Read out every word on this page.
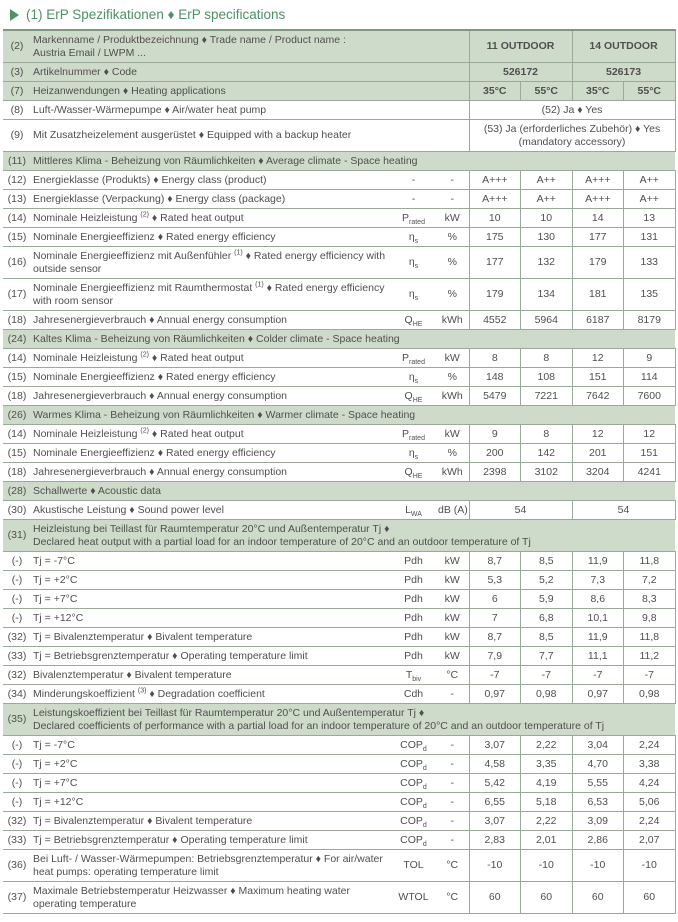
(1) ErP Spezifikationen ♦ ErP specifications
(2)	Markenname / Produktbezeichnung ♦ Trade name / Product name :
Austria Email / LWPM ...			11 OUTDOOR		14 OUTDOOR	
(3)	Artikelnummer ♦ Code			526172		526173	
(7)	Heizanwendungen ♦ Heating applications			35°C	55°C	35°C	55°C
(8)	Luft-/Wasser-Wärmepumpe ♦ Air/water heat pump			(52) Ja ♦ Yes			
(9)	Mit Zusatzheizelement ausgerüstet ♦ Equipped with a backup heater			(53) Ja (erforderliches Zubehör) ♦ Yes (mandatory accessory)			
(11)	Mittleres Klima - Beheizung von Räumlichkeiten ♦ Average climate - Space heating						

(12)	Energieklasse (Produkts) ♦ Energy class (product)	-	-	A+++	A++	A+++	A++
(13)	Energieklasse (Verpackung) ♦ Energy class (package)	-	-	A+++	A++	A+++	A++
(14)	Nominale Heizleistung $^{(2)}$ ♦ Rated heat output	$P_{rated}$	kW	10	10	14	13
(15)	Nominale Energieeffizienz ♦ Rated energy efficiency	$\eta_s$	%	175	130	177	131
(16)	Nominale Energieeffizienz mit Außenfühler $^{(1)}$ ♦ Rated energy efficiency with outside sensor	$\eta_s$	%	177	132	179	133
(17)	Nominale Energieeffizienz mit Raumthermostat $^{(1)}$ ♦ Rated energy efficiency with room sensor	$\eta_s$	%	179	134	181	135
(18)	Jahresenergieverbrauch ♦ Annual energy consumption	$Q_{HE}$	kWh	4552	5964	6187	8179
(24)	Kaltes Klima - Beheizung von Räumlichkeiten ♦ Colder climate - Space heating						

(14)	Nominale Heizleistung $^{(2)}$ ♦ Rated heat output	$P_{rated}$	kW	8	8	12	9
(15)	Nominale Energieeffizienz ♦ Rated energy efficiency	$\eta_s$	%	148	108	151	114
(18)	Jahresenergieverbrauch ♦ Annual energy consumption	$Q_{HE}$	kWh	5479	7221	7642	7600
(26)	Warmes Klima - Beheizung von Räumlichkeiten ♦ Warmer climate - Space heating						

(14)	Nominale Heizleistung $^{(2)}$ ♦ Rated heat output	$P_{rated}$	kW	9	8	12	12
(15)	Nominale Energieeffizienz ♦ Rated energy efficiency	$\eta_s$	%	200	142	201	151
(18)	Jahresenergieverbrauch ♦ Annual energy consumption	$Q_{HE}$	kWh	2398	3102	3204	4241
(28)	Schallwerte ♦ Acoustic data						

(30)	Akustische Leistung ♦ Sound power level	$L_{WA}$	dB (A)	54		54	
(31)	Heizleistung bei Teillast für Raumtemperatur 20°C und Außentemperatur Tj ♦
Declared heat output with a partial load for an indoor temperature of 20°C and an outdoor temperature of Tj						

(-)	Tj = -7°C	Pdh	kW	8,7	8,5	11,9	11,8
(-)	Tj = +2°C	Pdh	kW	5,3	5,2	7,3	7,2
(-)	Tj = +7°C	Pdh	kW	6	5,9	8,6	8,3
(-)	Tj = +12°C	Pdh	kW	7	6,8	10,1	9,8
(32)	Tj = Bivalenztemperatur ♦ Bivalent temperature	Pdh	kW	8,7	8,5	11,9	11,8
(33)	Tj = Betriebsgrenztemperatur ♦ Operating temperature limit	Pdh	kW	7,9	7,7	11,1	11,2
(32)	Bivalenztemperatur ♦ Bivalent temperature	$T_{biv}$	°C	-7	-7	-7	-7
(34)	Minderungskoeffizient $^{(3)}$ ♦ Degradation coefficient	Cdh	-	0,97	0,98	0,97	0,98
(35)	Leistungskoeffizient bei Teillast für Raumtemperatur 20°C und Außentemperatur Tj ♦
Declared coefficients of performance with a partial load for an indoor temperature of 20°C and an outdoor temperature of Tj						

(-)	Tj = -7°C	$COP_d$	-	3,07	2,22	3,04	2,24
(-)	Tj = +2°C	$COP_d$	-	4,58	3,35	4,70	3,38
(-)	Tj = +7°C	$COP_d$	-	5,42	4,19	5,55	4,24
(-)	Tj = +12°C	$COP_d$	-	6,55	5,18	6,53	5,06
(32)	Tj = Bivalenztemperatur ♦ Bivalent temperature	$COP_d$	-	3,07	2,22	3,09	2,24
(33)	Tj = Betriebsgrenztemperatur ♦ Operating temperature limit	$COP_d$	-	2,83	2,01	2,86	2,07
(36)	Bei Luft- / Wasser-Wärmepumpen: Betriebsgrenztemperatur ♦ For air/water heat pumps: operating temperature limit	TOL	°C	-10	-10	-10	-10
(37)	Maximale Betriebstemperatur Heizwasser ♦ Maximum heating water operating temperature	WTOL	°C	60	60	60	60
